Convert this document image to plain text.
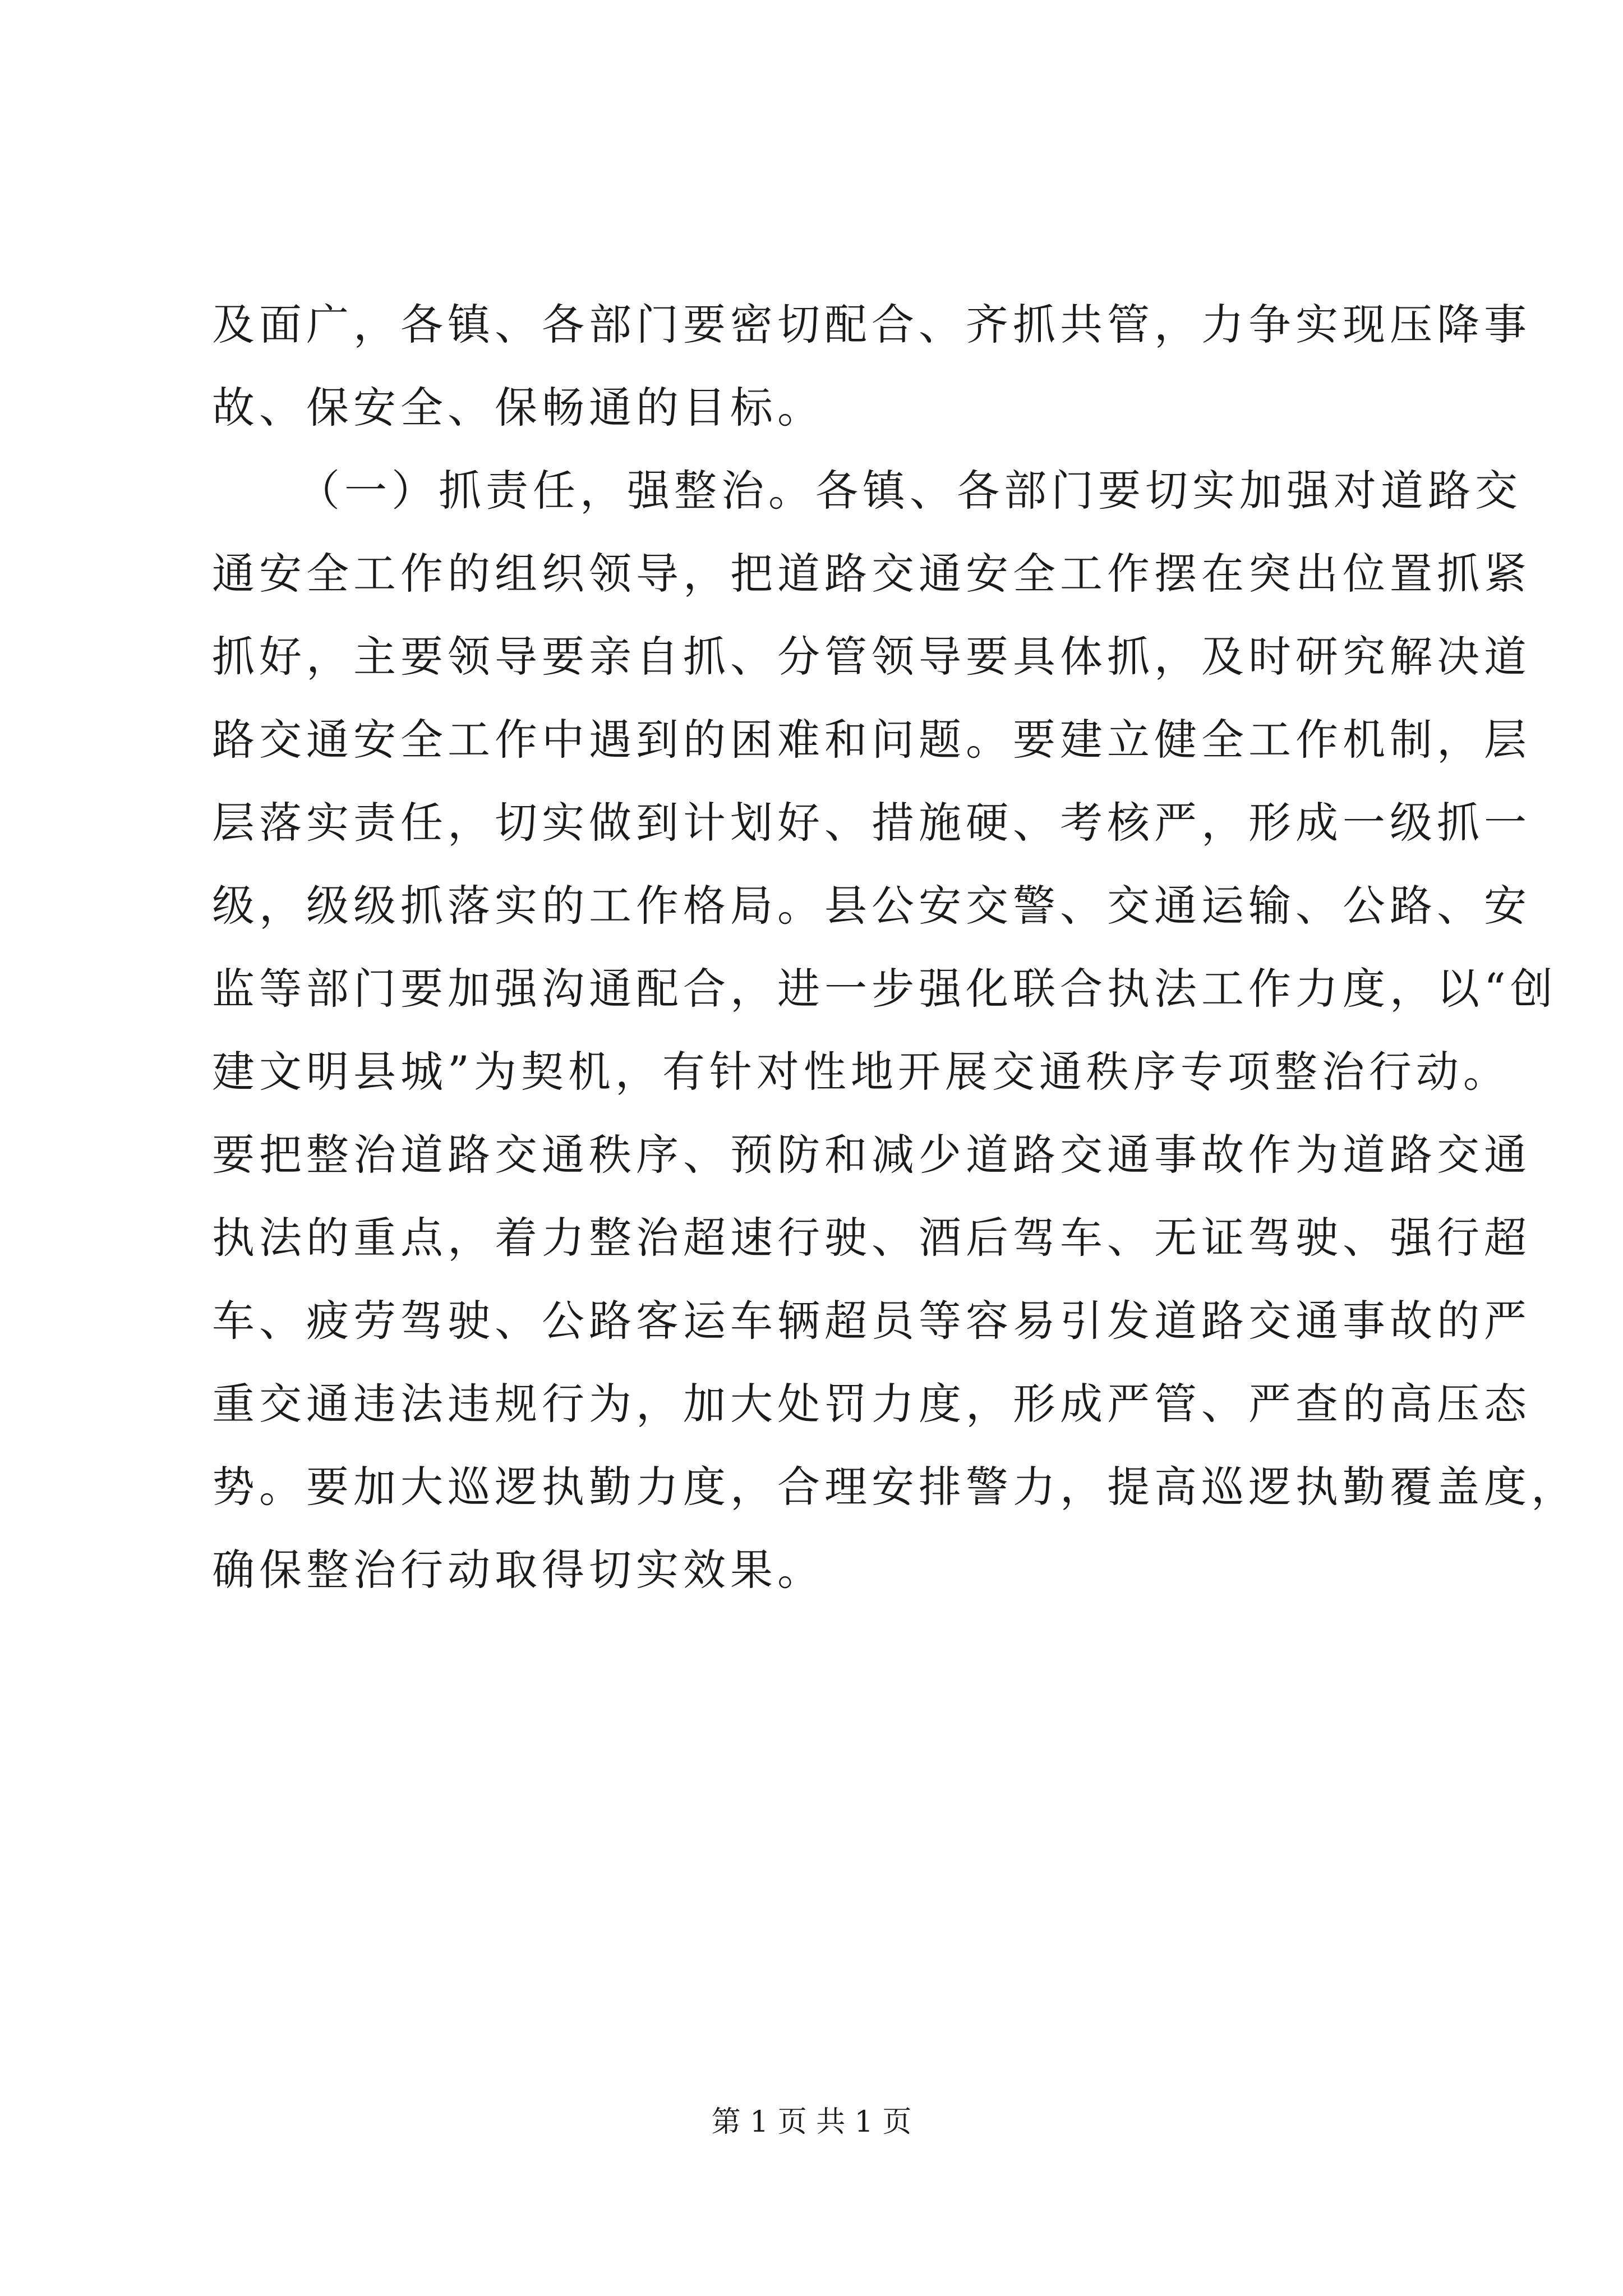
及面广，各镇、各部门要密切配合、齐抓共管，力争实现压降事
故、保安全、保畅通的目标。
（一）抓责任，强整治。各镇、各部门要切实加强对道路交
通安全工作的组织领导，把道路交通安全工作摆在突出位置抓紧
抓好，主要领导要亲自抓、分管领导要具体抓，及时研究解决道
路交通安全工作中遇到的困难和问题。要建立健全工作机制，层
层落实责任，切实做到计划好、措施硬、考核严，形成一级抓一
级，级级抓落实的工作格局。县公安交警、交通运输、公路、安
监等部门要加强沟通配合，进一步强化联合执法工作力度，以“创
建文明县城”为契机，有针对性地开展交通秩序专项整治行动。
要把整治道路交通秩序、预防和减少道路交通事故作为道路交通
执法的重点，着力整治超速行驶、酒后驾车、无证驾驶、强行超
车、疲劳驾驶、公路客运车辆超员等容易引发道路交通事故的严
重交通违法违规行为，加大处罚力度，形成严管、严查的高压态
势。要加大巡逻执勤力度，合理安排警力，提高巡逻执勤覆盖度，
确保整治行动取得切实效果。
第 1 页 共 1 页
